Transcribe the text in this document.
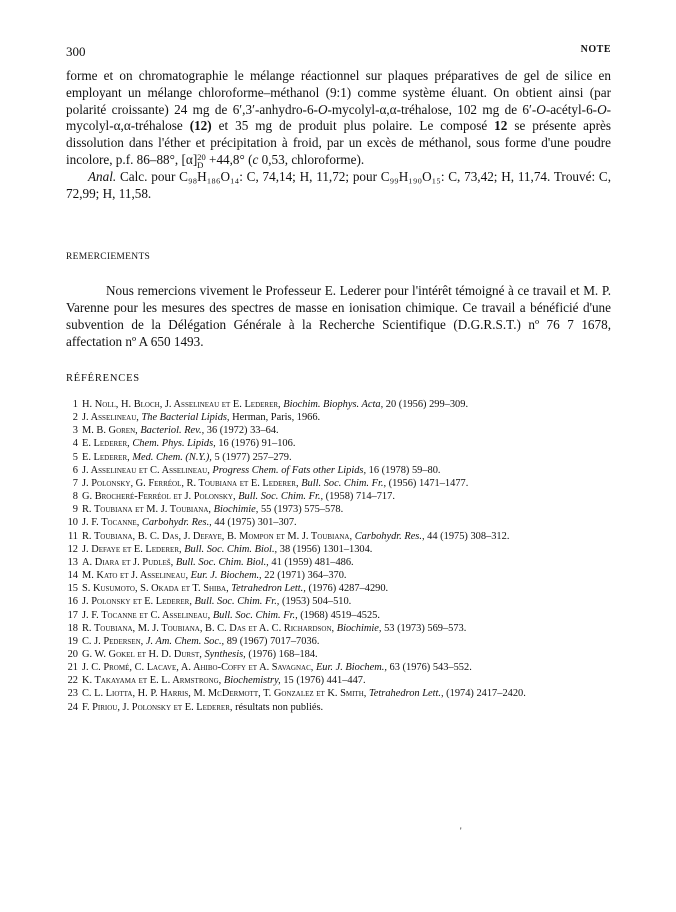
300	NOTE

forme et on chromatographie le mélange réactionnel sur plaques préparatives de gel de silice en employant un mélange chloroforme–méthanol (9:1) comme système éluant. On obtient ainsi (par polarité croissante) 24 mg de 6′,3′-anhydro-6-O-mycolyl-α,α-tréhalose, 102 mg de 6′-O-acétyl-6-O-mycolyl-α,α-tréhalose (12) et 35 mg de produit plus polaire. Le composé 12 se présente après dissolution dans l'éther et précipitation à froid, par un excès de méthanol, sous forme d'une poudre incolore, p.f. 86–88°, [α] 20
D +44,8° (c 0,53, chloroforme).

Anal. Calc. pour C₉₈H₁₈₆O₁₄: C, 74,14; H, 11,72; pour C₉₉H₁₉₀O₁₅: C, 73,42; H, 11,74. Trouvé: C, 72,99; H, 11,58.

REMERCIEMENTS

Nous remercions vivement le Professeur E. Lederer pour l'intérêt témoigné à ce travail et M. P. Varenne pour les mesures des spectres de masse en ionisation chimique. Ce travail a bénéficié d'une subvention de la Délégation Générale à la Recherche Scientifique (D.G.R.S.T.) nº 76 7 1678, affectation nº A 650 1493.

RÉFÉRENCES
1 H. Noll, H. Bloch, J. Asselineau et E. Lederer, Biochim. Biophys. Acta, 20 (1956) 299–309.
2 J. Asselineau, The Bacterial Lipids, Herman, Paris, 1966.
3 M. B. Goren, Bacteriol. Rev., 36 (1972) 33–64.
4 E. Lederer, Chem. Phys. Lipids, 16 (1976) 91–106.
5 E. Lederer, Med. Chem. (N.Y.), 5 (1977) 257–279.
6 J. Asselineau et C. Asselineau, Progress Chem. of Fats other Lipids, 16 (1978) 59–80.
7 J. Polonsky, G. Ferréol, R. Toubiana et E. Lederer, Bull. Soc. Chim. Fr., (1956) 1471–1477.
8 G. Brocheré-Ferréol et J. Polonsky, Bull. Soc. Chim. Fr., (1958) 714–717.
9 R. Toubiana et M. J. Toubiana, Biochimie, 55 (1973) 575–578.
10 J. F. Tocanne, Carbohydr. Res., 44 (1975) 301–307.
11 R. Toubiana, B. C. Das, J. Defaye, B. Mompon et M. J. Toubiana, Carbohydr. Res., 44 (1975) 308–312.
12 J. Defaye et E. Lederer, Bull. Soc. Chim. Biol., 38 (1956) 1301–1304.
13 A. Diara et J. Pudleš, Bull. Soc. Chim. Biol., 41 (1959) 481–486.
14 M. Kato et J. Asselineau, Eur. J. Biochem., 22 (1971) 364–370.
15 S. Kusumoto, S. Okada et T. Shiba, Tetrahedron Lett., (1976) 4287–4290.
16 J. Polonsky et E. Lederer, Bull. Soc. Chim. Fr., (1953) 504–510.
17 J. F. Tocanne et C. Asselineau, Bull. Soc. Chim. Fr., (1968) 4519–4525.
18 R. Toubiana, M. J. Toubiana, B. C. Das et A. C. Richardson, Biochimie, 53 (1973) 569–573.
19 C. J. Pedersen, J. Am. Chem. Soc., 89 (1967) 7017–7036.
20 G. W. Gokel et H. D. Durst, Synthesis, (1976) 168–184.
21 J. C. Promé, C. Lacave, A. Ahibo-Coffy et A. Savagnac, Eur. J. Biochem., 63 (1976) 543–552.
22 K. Takayama et E. L. Armstrong, Biochemistry, 15 (1976) 441–447.
23 C. L. Liotta, H. P. Harris, M. McDermott, T. Gonzalez et K. Smith, Tetrahedron Lett., (1974) 2417–2420.
24 F. Piriou, J. Polonsky et E. Lederer, résultats non publiés.
'
